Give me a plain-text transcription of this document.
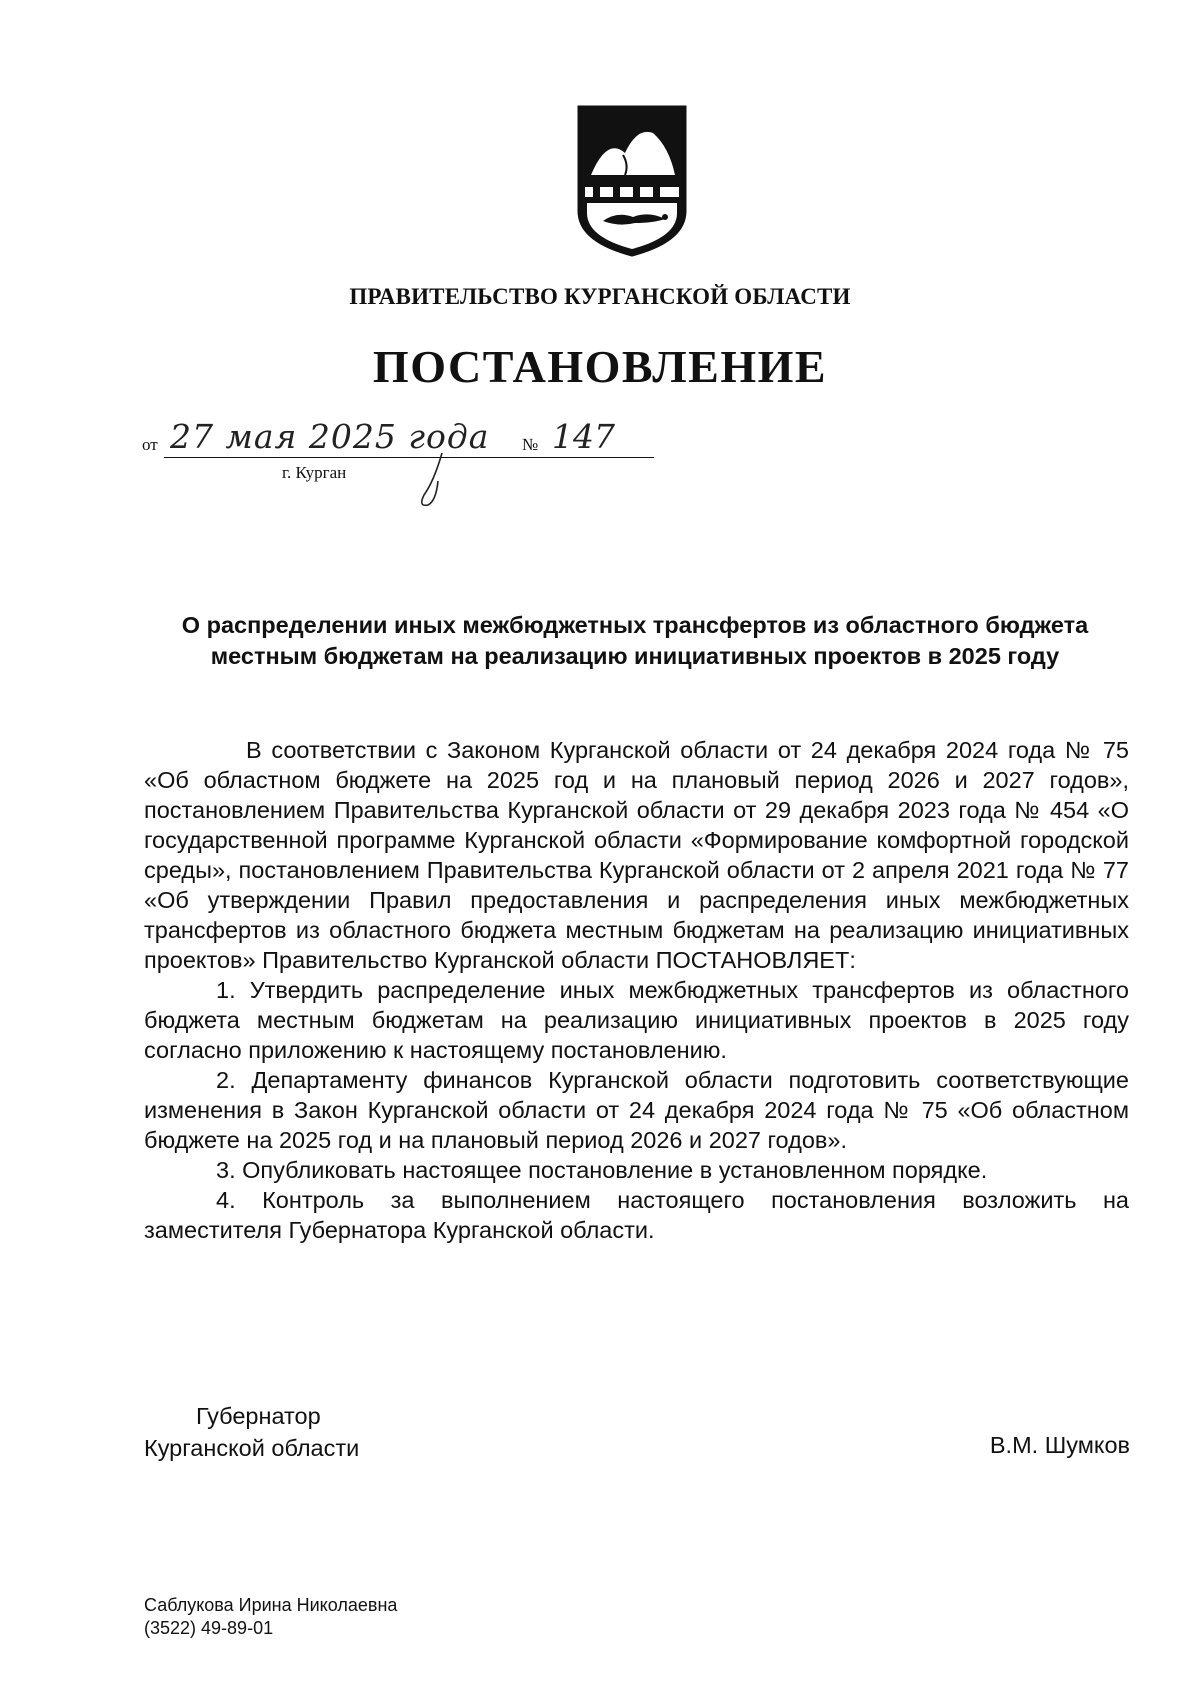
ПРАВИТЕЛЬСТВО КУРГАНСКОЙ ОБЛАСТИ
ПОСТАНОВЛЕНИЕ
от 27 мая 2025 года № 147
г. Курган
О распределении иных межбюджетных трансфертов из областного бюджета местным бюджетам на реализацию инициативных проектов в 2025 году

В соответствии с Законом Курганской области от 24 декабря 2024 года № 75 «Об областном бюджете на 2025 год и на плановый период 2026 и 2027 годов», постановлением Правительства Курганской области от 29 декабря 2023 года № 454 «О государственной программе Курганской области «Формирование комфортной городской среды», постановлением Правительства Курганской области от 2 апреля 2021 года № 77 «Об утверждении Правил предоставления и распределения иных межбюджетных трансфертов из областного бюджета местным бюджетам на реализацию инициативных проектов» Правительство Курганской области ПОСТАНОВЛЯЕТ:

1. Утвердить распределение иных межбюджетных трансфертов из областного бюджета местным бюджетам на реализацию инициативных проектов в 2025 году согласно приложению к настоящему постановлению.

2. Департаменту финансов Курганской области подготовить соответствующие изменения в Закон Курганской области от 24 декабря 2024 года № 75 «Об областном бюджете на 2025 год и на плановый период 2026 и 2027 годов».

3. Опубликовать настоящее постановление в установленном порядке.

4. Контроль за выполнением настоящего постановления возложить на заместителя Губернатора Курганской области.

Губернатор
Курганской области	В.М. Шумков
Саблукова Ирина Николаевна
(3522) 49-89-01
